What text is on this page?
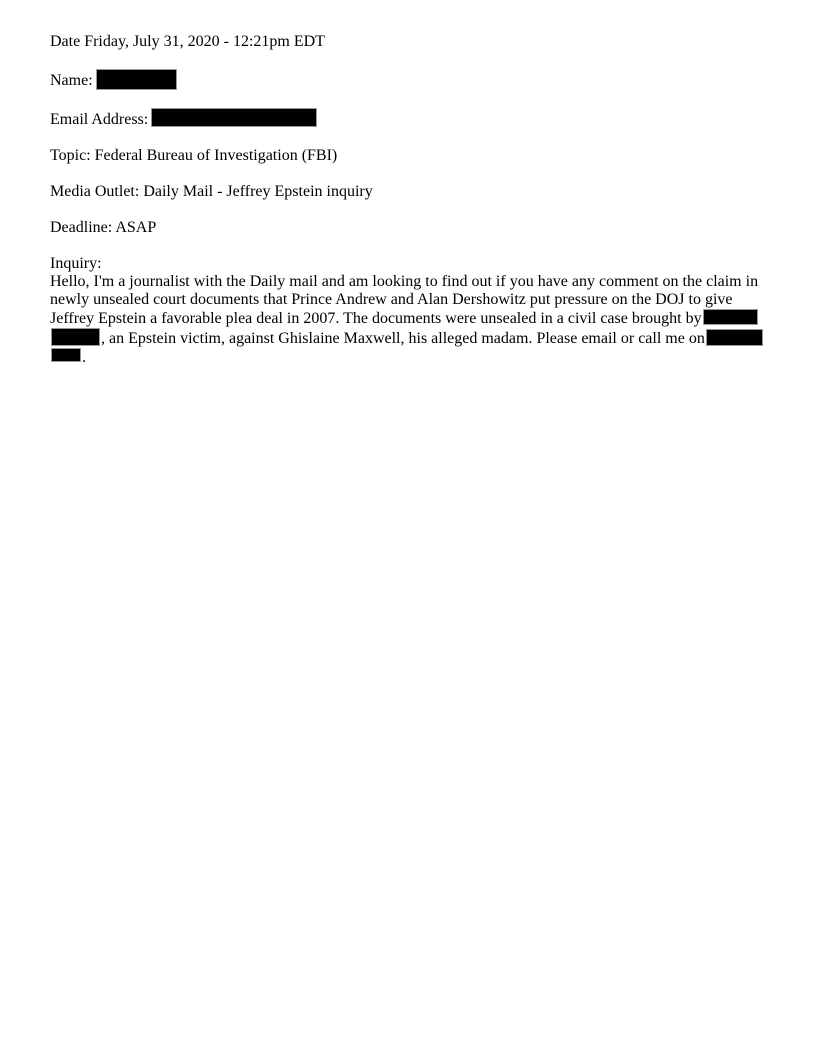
Date Friday, July 31, 2020 - 12:21pm EDT

Name:

Email Address:

Topic: Federal Bureau of Investigation (FBI)

Media Outlet: Daily Mail - Jeffrey Epstein inquiry

Deadline: ASAP

Inquiry:

Hello, I'm a journalist with the Daily mail and am looking to find out if you have any comment on the claim in
newly unsealed court documents that Prince Andrew and Alan Dershowitz put pressure on the DOJ to give
Jeffrey Epstein a favorable plea deal in 2007. The documents were unsealed in a civil case brought by
, an Epstein victim, against Ghislaine Maxwell, his alleged madam. Please email or call me on
.
